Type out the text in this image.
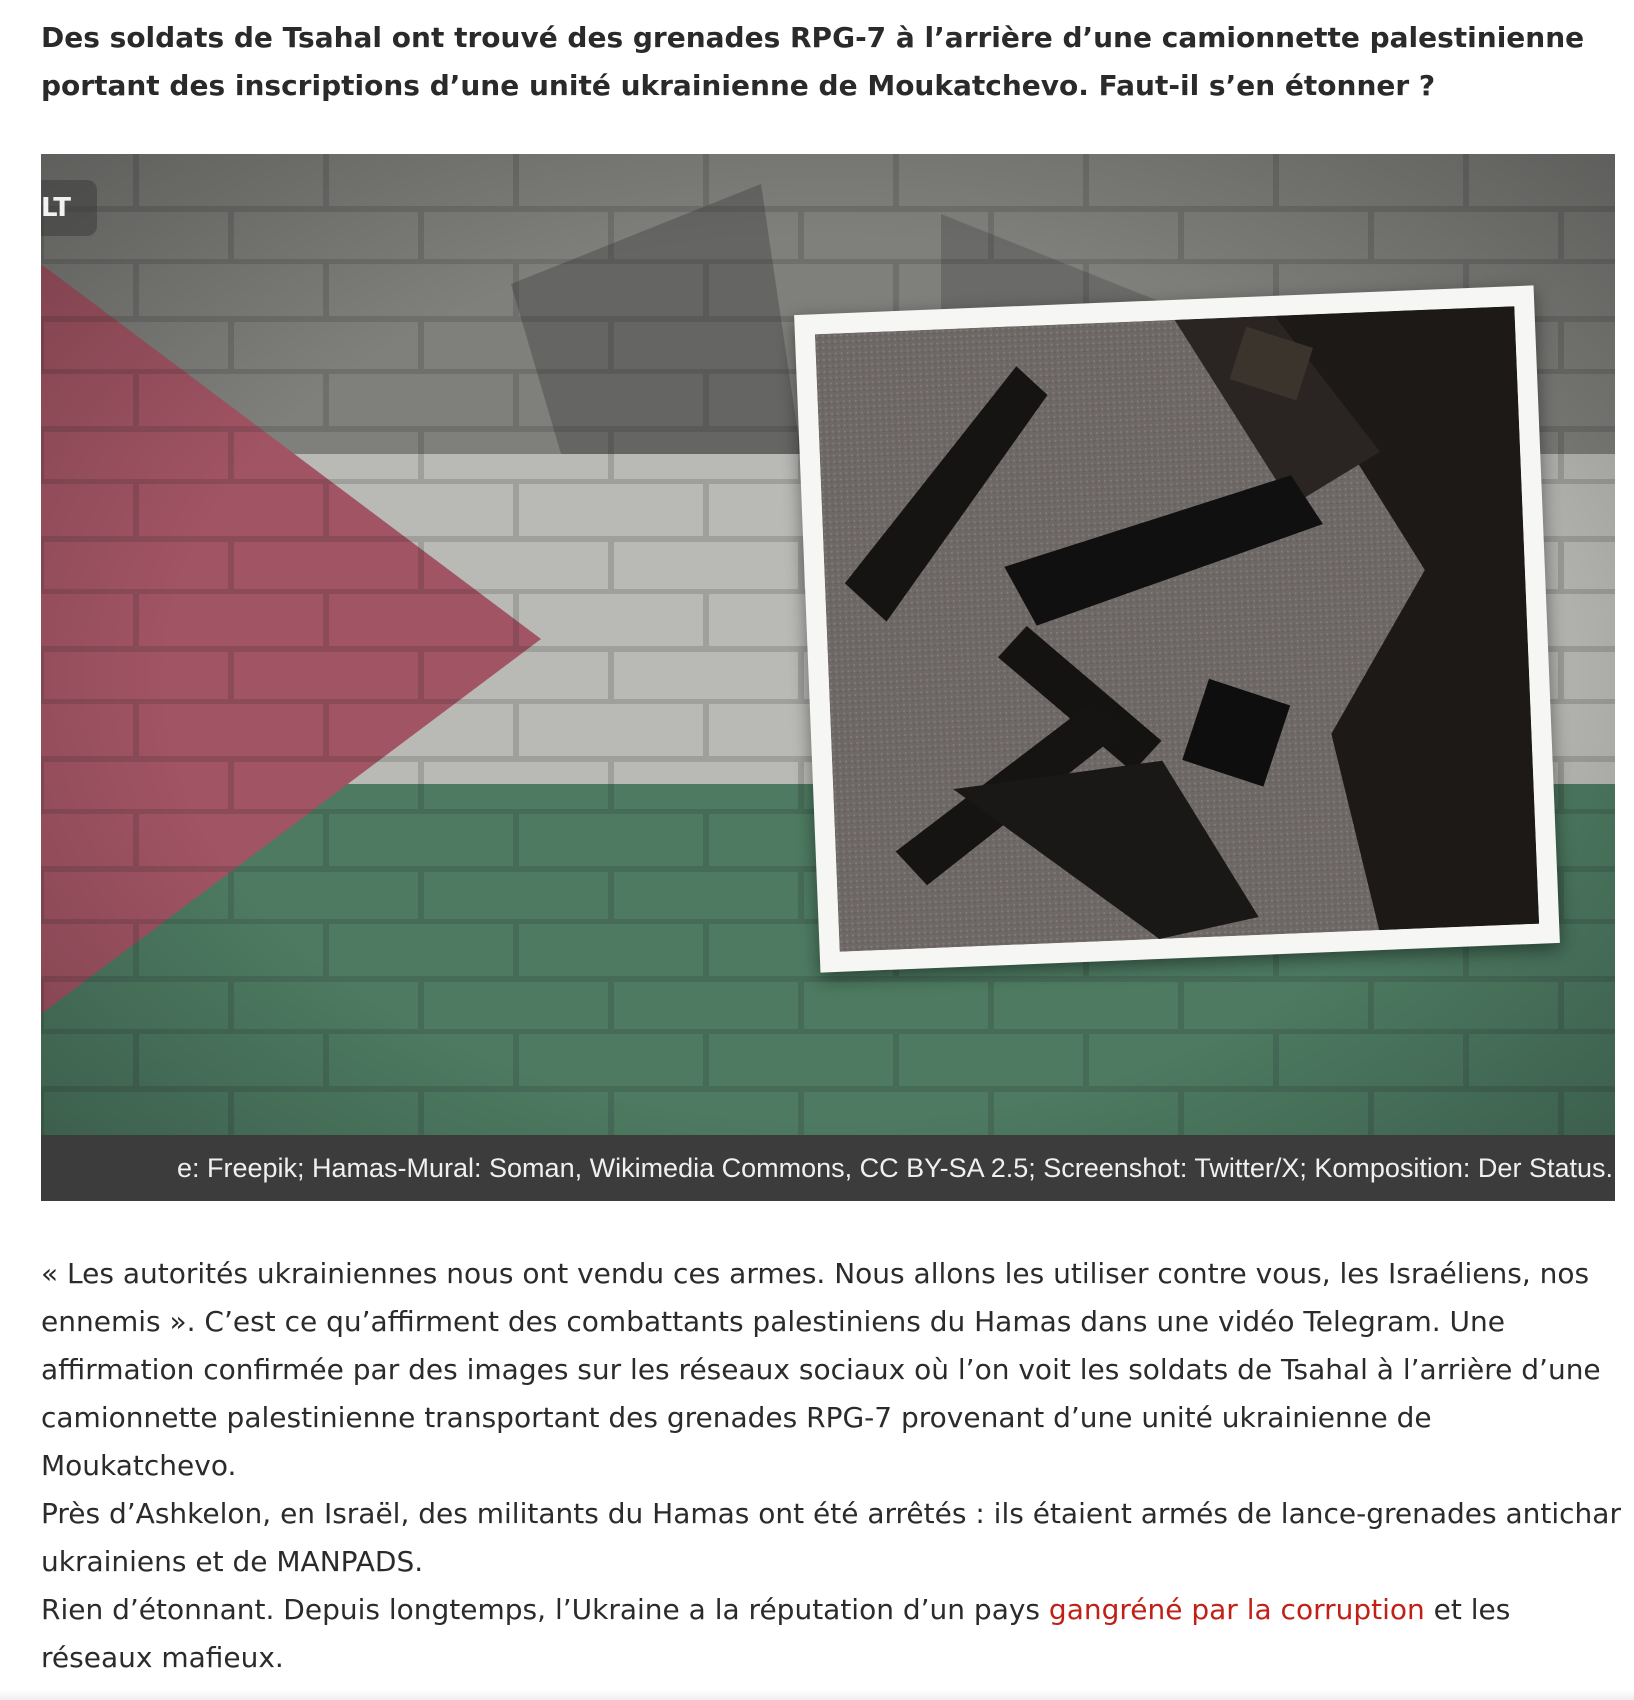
Des soldats de Tsahal ont trouvé des grenades RPG-7 à l’arrière d’une camionnette palestinienne portant des inscriptions d’une unité ukrainienne de Moukatchevo. Faut-il s’en étonner ?
LT
e: Freepik; Hamas-Mural: Soman, Wikimedia Commons, CC BY-SA 2.5; Screenshot: Twitter/X; Komposition: Der Status.

« Les autorités ukrainiennes nous ont vendu ces armes. Nous allons les utiliser contre vous, les Israéliens, nos ennemis ». C’est ce qu’affirment des combattants palestiniens du Hamas dans une vidéo Telegram. Une affirmation confirmée par des images sur les réseaux sociaux où l’on voit les soldats de Tsahal à l’arrière d’une camionnette palestinienne transportant des grenades RPG-7 provenant d’une unité ukrainienne de Moukatchevo.

Près d’Ashkelon, en Israël, des militants du Hamas ont été arrêtés : ils étaient armés de lance-grenades antichar ukrainiens et de MANPADS.

Rien d’étonnant. Depuis longtemps, l’Ukraine a la réputation d’un pays gangréné par la corruption et les réseaux mafieux.
